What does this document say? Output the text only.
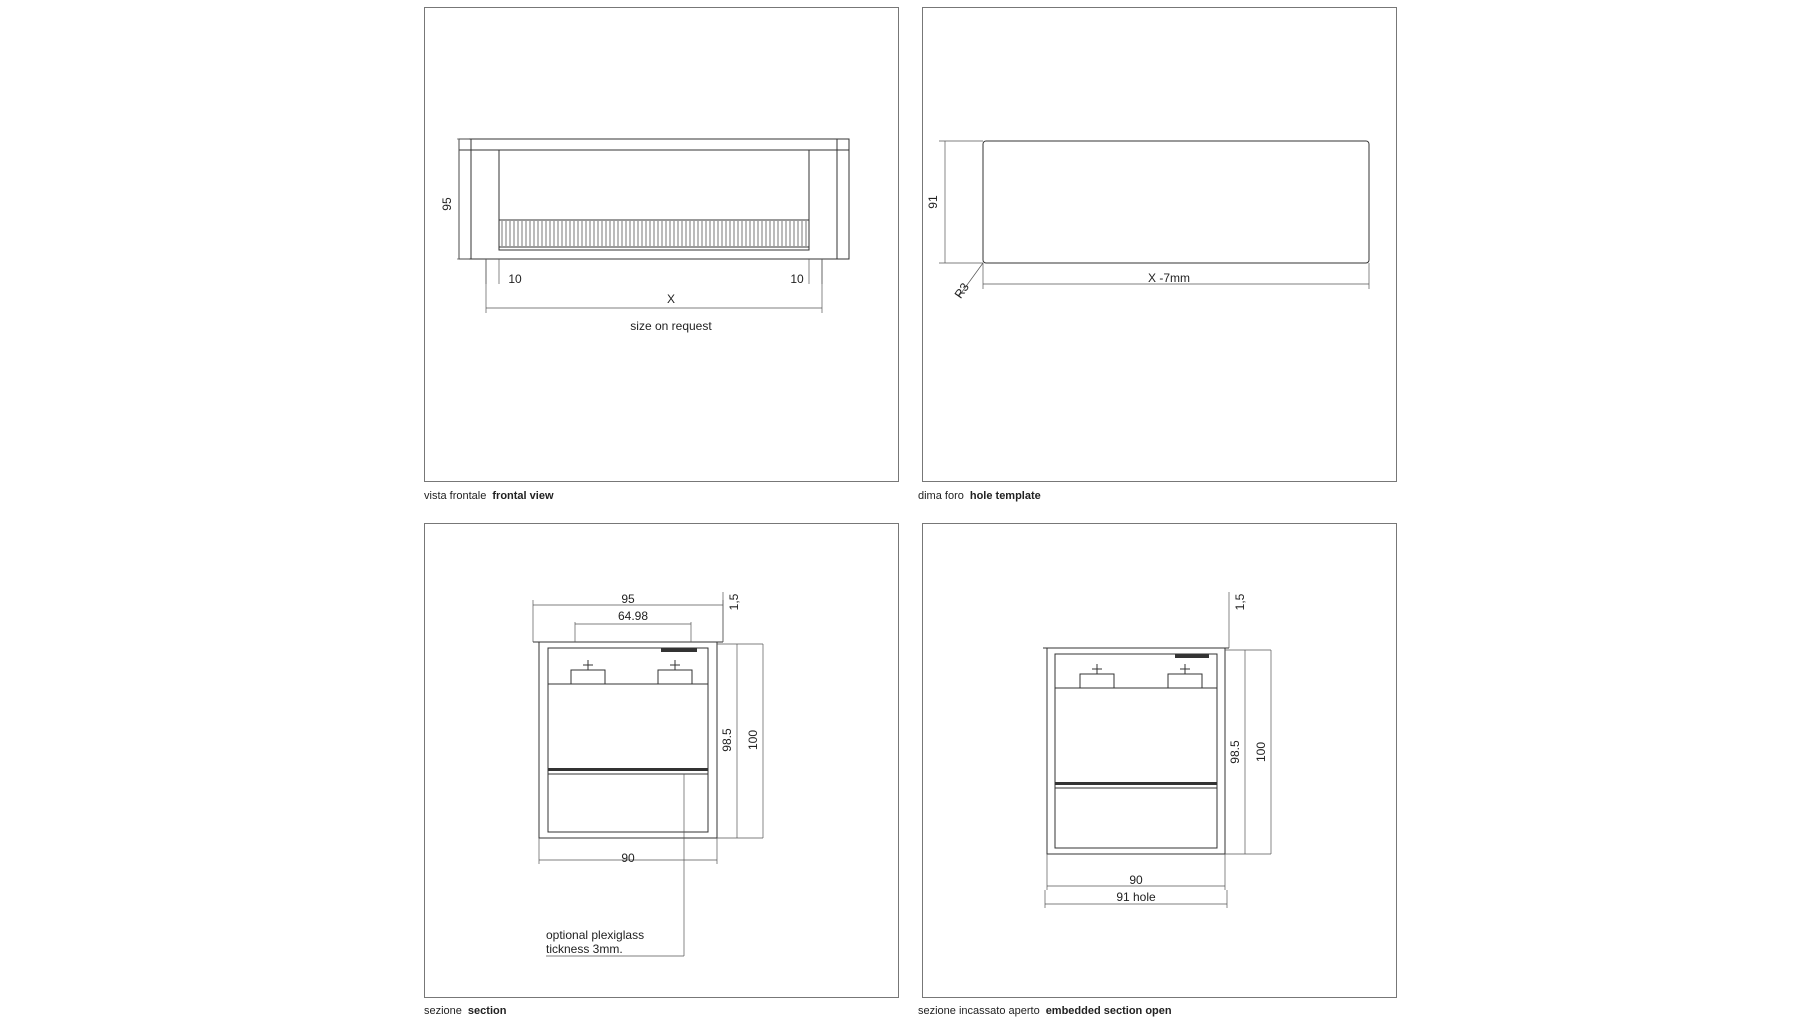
95
10	10
X
size on request
vista frontale frontal view
91
R3
X -7mm
dima foro hole template
95
64.98
1,5
98.5 100
90
optional plexiglass
tickness 3mm.
sezione section
1,5
98.5 100
90
91 hole
sezione incassato aperto embedded section open
